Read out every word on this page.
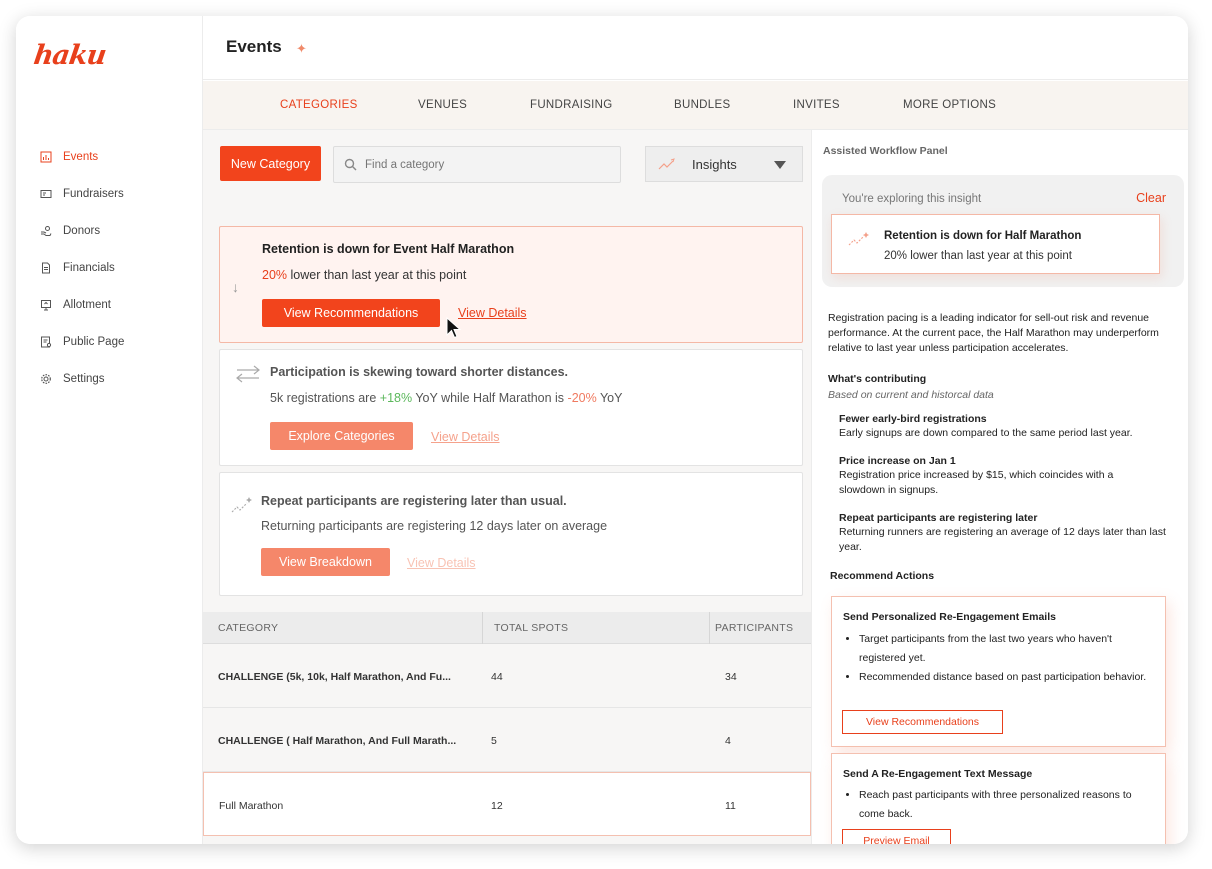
haku
Events
Fundraisers
Donors
Financials
Allotment
Public Page
Settings
Events ✦
CATEGORIES	VENUES	FUNDRAISING	BUNDLES	INVITES	MORE OPTIONS
New Category
Find a category	Insights
↓
Retention is down for Event Half Marathon
20% lower than last year at this point
View Recommendations	View Details
Participation is skewing toward shorter distances.
5k registrations are +18% YoY while Half Marathon is -20% YoY
Explore Categories	View Details
Repeat participants are registering later than usual.
Returning participants are registering 12 days later on average
View Breakdown	View Details
CATEGORY	TOTAL SPOTS	PARTICIPANTS
CHALLENGE (5k, 10k, Half Marathon, And Fu...	44	34
CHALLENGE ( Half Marathon, And Full Marath...	5	4
Full Marathon	12	11
Assisted Workflow Panel
You're exploring this insight	Clear
Retention is down for Half Marathon
20% lower than last year at this point
Registration pacing is a leading indicator for sell-out risk and revenue performance. At the current pace, the Half Marathon may underperform relative to last year unless participation accelerates.
What's contributing
Based on current and historcal data
Fewer early-bird registrations
Early signups are down compared to the same period last year.
Price increase on Jan 1
Registration price increased by $15, which coincides with a slowdown in signups.
Repeat participants are registering later
Returning runners are registering an average of 12 days later than last year.
Recommend Actions
Send Personalized Re-Engagement Emails
• Target participants from the last two years who haven't registered yet.
• Recommended distance based on past participation behavior.
View Recommendations
Send A Re-Engagement Text Message
• Reach past participants with three personalized reasons to come back.
Preview Email
